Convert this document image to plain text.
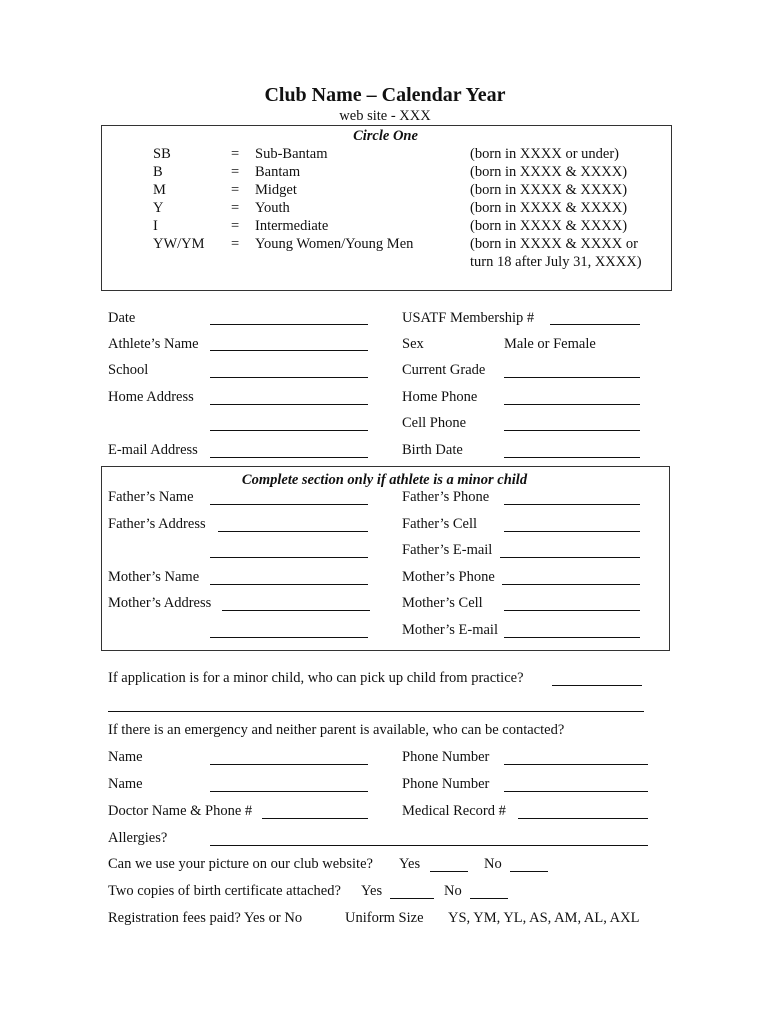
Club Name – Calendar Year
web site - XXX
Circle One
SB	= Sub-Bantam	(born in XXXX or under)
B	= Bantam	(born in XXXX & XXXX)
M	= Midget	(born in XXXX & XXXX)
Y	= Youth	(born in XXXX & XXXX)
I	= Intermediate	(born in XXXX & XXXX)
YW/YM = Young Women/Young Men	(born in XXXX & XXXX or
turn 18 after July 31, XXXX)
Date	USATF Membership #
Athlete’s Name	Sex	Male or Female
School	Current Grade
Home Address	Home Phone
Cell Phone
E-mail Address	Birth Date
Complete section only if athlete is a minor child
Father’s Name	Father’s Phone
Father’s Address	Father’s Cell
Father’s E-mail
Mother’s Name	Mother’s Phone
Mother’s Address	Mother’s Cell
Mother’s E-mail
If application is for a minor child, who can pick up child from practice?
If there is an emergency and neither parent is available, who can be contacted?
Name	Phone Number
Name	Phone Number
Doctor Name & Phone #	Medical Record #
Allergies?
Can we use your picture on our club website? Yes	No
Two copies of birth certificate attached? Yes	No
Registration fees paid? Yes or No	Uniform Size YS, YM, YL, AS, AM, AL, AXL
